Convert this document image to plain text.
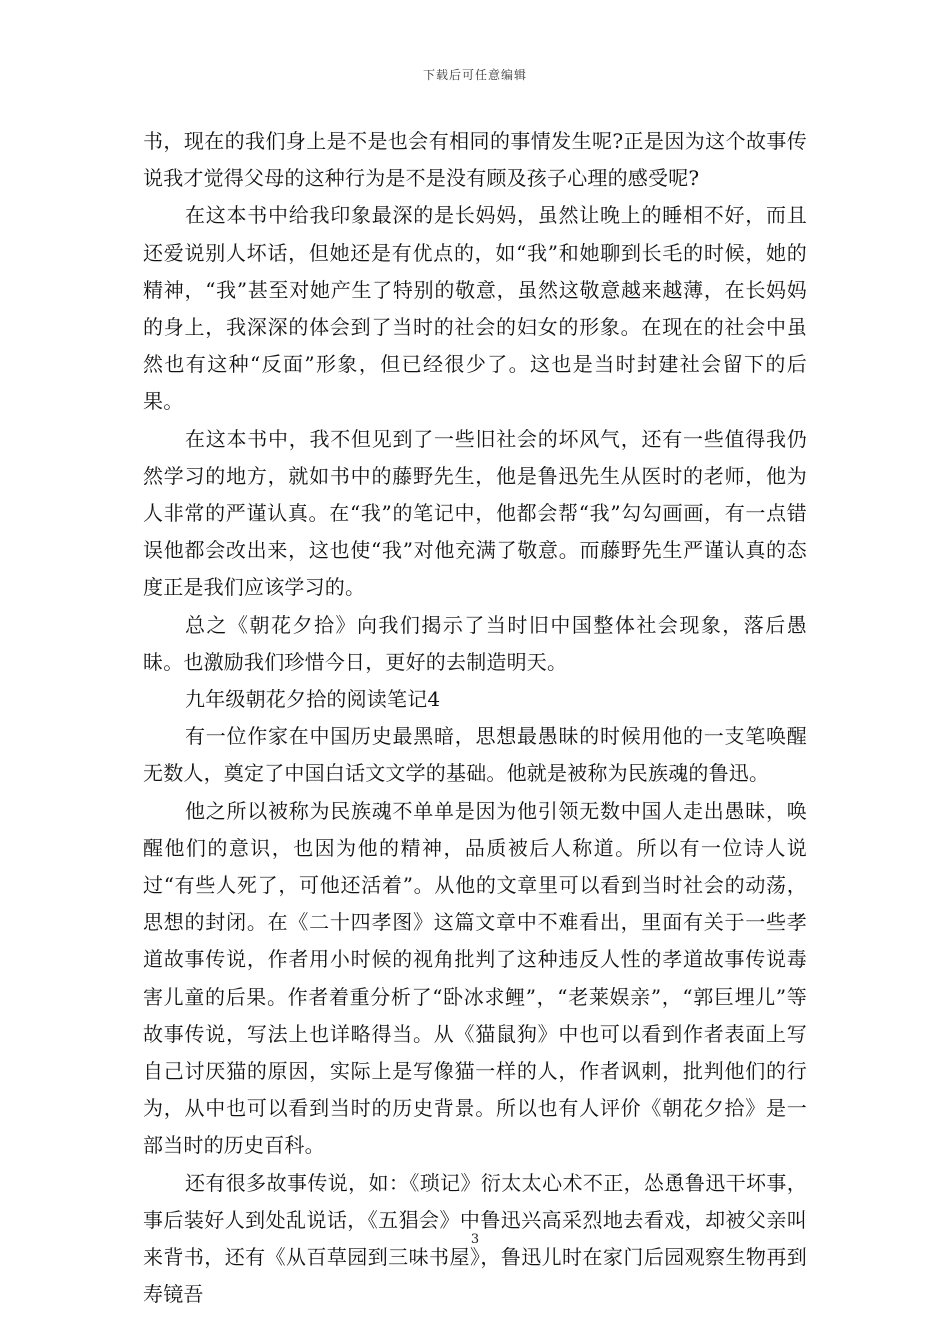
下载后可任意编辑

书，现在的我们身上是不是也会有相同的事情发生呢?正是因为这个故事传说我才觉得父母的这种行为是不是没有顾及孩子心理的感受呢?

在这本书中给我印象最深的是长妈妈，虽然让晚上的睡相不好，而且还爱说别人坏话，但她还是有优点的，如“我”和她聊到长毛的时候，她的精神，“我”甚至对她产生了特别的敬意，虽然这敬意越来越薄，在长妈妈的身上，我深深的体会到了当时的社会的妇女的形象。在现在的社会中虽然也有这种“反面”形象，但已经很少了。这也是当时封建社会留下的后果。

在这本书中，我不但见到了一些旧社会的坏风气，还有一些值得我仍然学习的地方，就如书中的藤野先生，他是鲁迅先生从医时的老师，他为人非常的严谨认真。在“我”的笔记中，他都会帮“我”勾勾画画，有一点错误他都会改出来，这也使“我”对他充满了敬意。而藤野先生严谨认真的态度正是我们应该学习的。

总之《朝花夕拾》向我们揭示了当时旧中国整体社会现象，落后愚昧。也激励我们珍惜今日，更好的去制造明天。

九年级朝花夕拾的阅读笔记4

有一位作家在中国历史最黑暗，思想最愚昧的时候用他的一支笔唤醒无数人，奠定了中国白话文文学的基础。他就是被称为民族魂的鲁迅。

他之所以被称为民族魂不单单是因为他引领无数中国人走出愚昧，唤醒他们的意识，也因为他的精神，品质被后人称道。所以有一位诗人说过“有些人死了，可他还活着”。从他的文章里可以看到当时社会的动荡，思想的封闭。在《二十四孝图》这篇文章中不难看出，里面有关于一些孝道故事传说，作者用小时候的视角批判了这种违反人性的孝道故事传说毒害儿童的后果。作者着重分析了“卧冰求鲤”，“老莱娱亲”，“郭巨埋儿”等故事传说，写法上也详略得当。从《猫鼠狗》中也可以看到作者表面上写自己讨厌猫的原因，实际上是写像猫一样的人，作者讽刺，批判他们的行为，从中也可以看到当时的历史背景。所以也有人评价《朝花夕拾》是一部当时的历史百科。

还有很多故事传说，如：《琐记》衍太太心术不正，怂恿鲁迅干坏事，事后装好人到处乱说话，《五猖会》中鲁迅兴高采烈地去看戏，却被父亲叫来背书，还有《从百草园到三味书屋》，鲁迅儿时在家门后园观察生物再到寿镜吾

3
